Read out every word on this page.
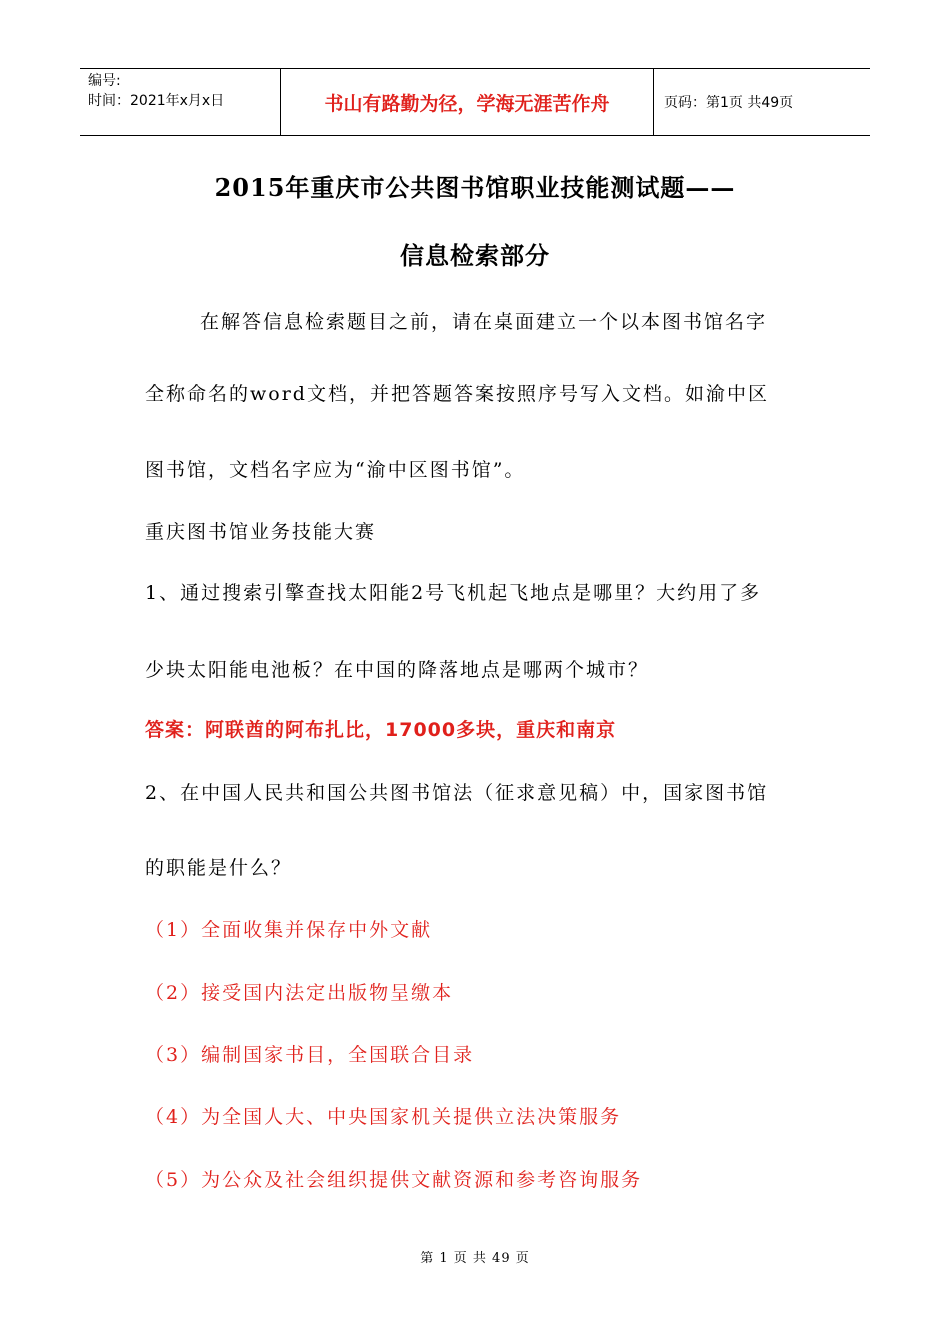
编号:
时间：2021年x月x日	书山有路勤为径，学海无涯苦作舟	页码：第1页 共49页
2015年重庆市公共图书馆职业技能测试题——
信息检索部分
在解答信息检索题目之前，请在桌面建立一个以本图书馆名字
全称命名的word文档，并把答题答案按照序号写入文档。如渝中区
图书馆，文档名字应为“渝中区图书馆”。
重庆图书馆业务技能大赛
1、通过搜索引擎查找太阳能2号飞机起飞地点是哪里？大约用了多
少块太阳能电池板？在中国的降落地点是哪两个城市？
答案：阿联酋的阿布扎比，17000多块，重庆和南京
2、在中国人民共和国公共图书馆法（征求意见稿）中，国家图书馆
的职能是什么？
（1）全面收集并保存中外文献
（2）接受国内法定出版物呈缴本
（3）编制国家书目，全国联合目录
（4）为全国人大、中央国家机关提供立法决策服务
（5）为公众及社会组织提供文献资源和参考咨询服务
第 1 页 共 49 页
